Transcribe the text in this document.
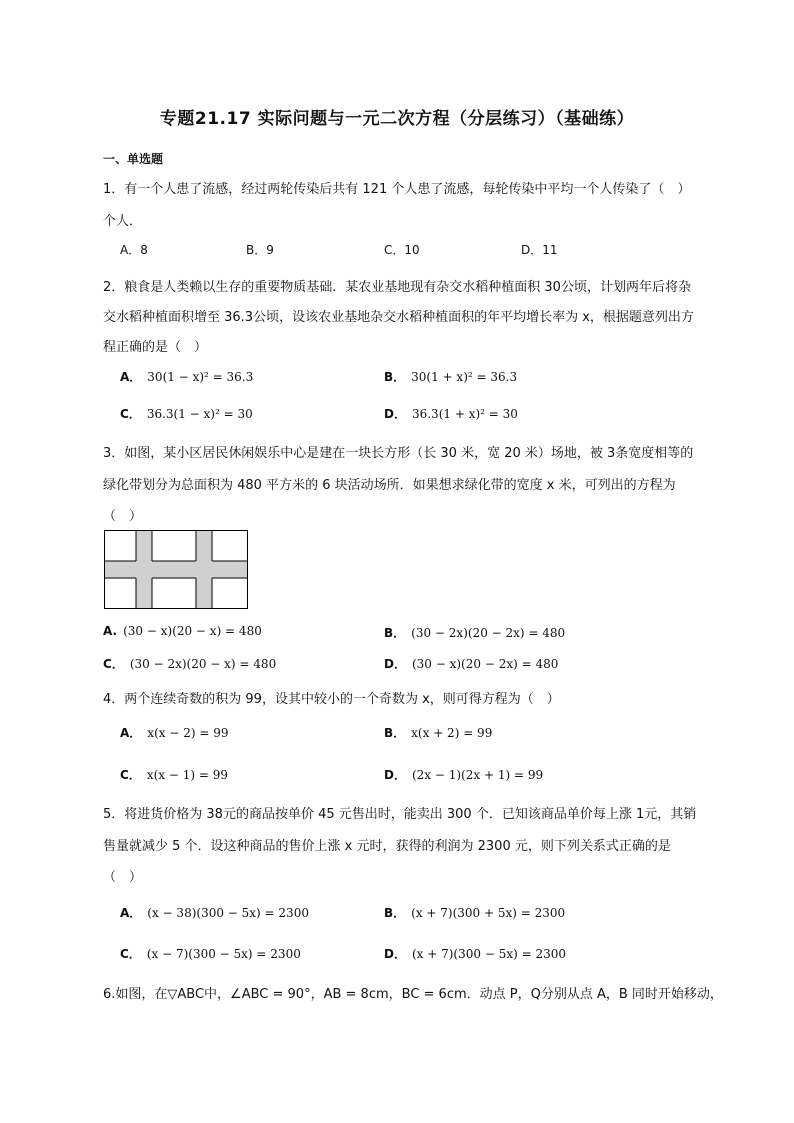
专题21.17 实际问题与一元二次方程（分层练习）（基础练）
一、单选题
1．有一个人患了流感，经过两轮传染后共有 121 个人患了流感，每轮传染中平均一个人传染了（　）
个人．
A．8	B．9	C．10	D．11
2．粮食是人类赖以生存的重要物质基础．某农业基地现有杂交水稻种植面积 30公顷，计划两年后将杂
交水稻种植面积增至 36.3公顷，设该农业基地杂交水稻种植面积的年平均增长率为 x，根据题意列出方
程正确的是（　）
A． 30(1 − x)² = 36.3	B． 30(1 + x)² = 36.3
C． 36.3(1 − x)² = 30	D． 36.3(1 + x)² = 30
3．如图，某小区居民休闲娱乐中心是建在一块长方形（长 30 米，宽 20 米）场地，被 3条宽度相等的
绿化带划分为总面积为 480 平方米的 6 块活动场所．如果想求绿化带的宽度 x 米，可列出的方程为
（　）
A. (30 − x)(20 − x) = 480	B． (30 − 2x)(20 − 2x) = 480
C． (30 − 2x)(20 − x) = 480	D． (30 − x)(20 − 2x) = 480
4．两个连续奇数的积为 99，设其中较小的一个奇数为 x，则可得方程为（　）
A． x(x − 2) = 99	B． x(x + 2) = 99
C． x(x − 1) = 99	D． (2x − 1)(2x + 1) = 99
5．将进货价格为 38元的商品按单价 45 元售出时，能卖出 300 个．已知该商品单价每上涨 1元，其销
售量就减少 5 个．设这种商品的售价上涨 x 元时，获得的利润为 2300 元，则下列关系式正确的是
（　）
A． (x − 38)(300 − 5x) = 2300	B． (x + 7)(300 + 5x) = 2300
C． (x − 7)(300 − 5x) = 2300	D． (x + 7)(300 − 5x) = 2300
6.如图，在▽ABC中，∠ABC = 90°，AB = 8cm，BC = 6cm．动点 P，Q分别从点 A，B 同时开始移动，
